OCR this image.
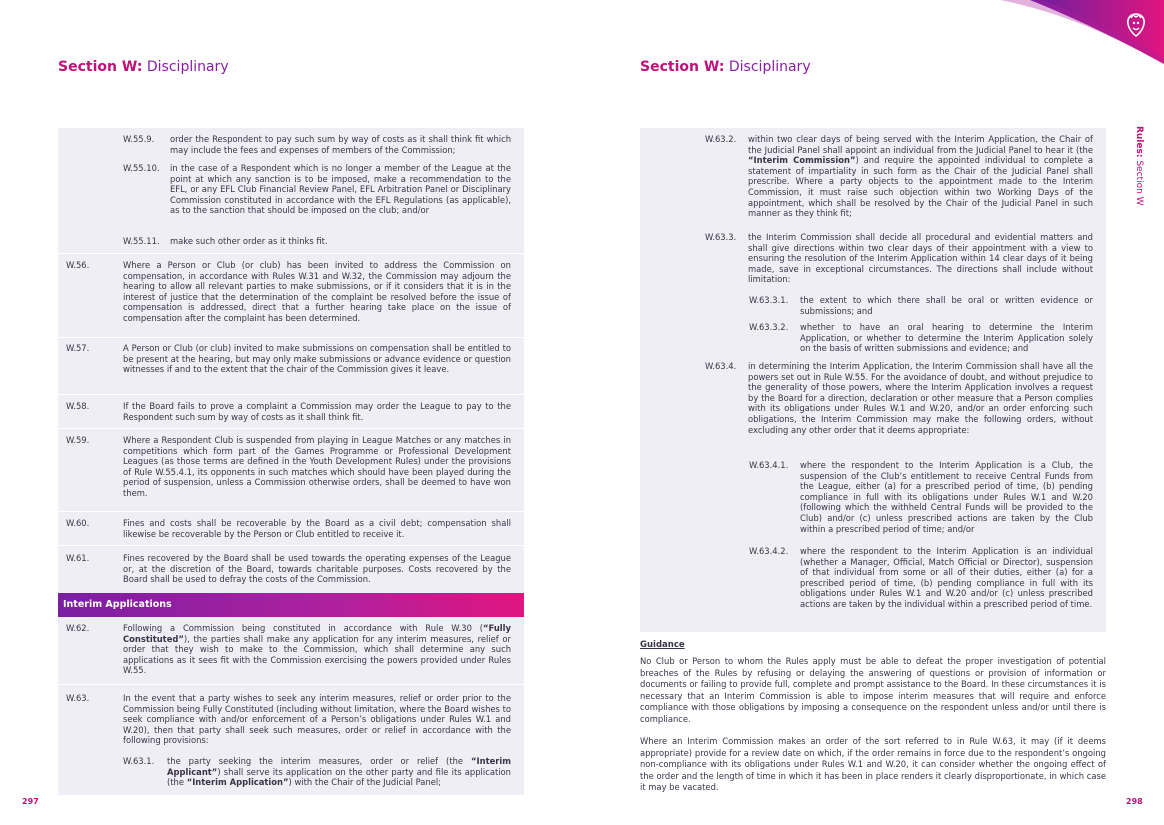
Section W: Disciplinary	Section W: Disciplinary
Rules: Section W
W.55.9. order the Respondent to pay such sum by way of costs as it shall think fit which may include the fees and expenses of members of the Commission;
W.55.10. in the case of a Respondent which is no longer a member of the League at the point at which any sanction is to be imposed, make a recommendation to the EFL, or any EFL Club Financial Review Panel, EFL Arbitration Panel or Disciplinary Commission constituted in accordance with the EFL Regulations (as applicable), as to the sanction that should be imposed on the club; and/or
W.55.11. make such other order as it thinks fit.
W.56.	Where a Person or Club (or club) has been invited to address the Commission on compensation, in accordance with Rules W.31 and W.32, the Commission may adjourn the hearing to allow all relevant parties to make submissions, or if it considers that it is in the interest of justice that the determination of the complaint be resolved before the issue of compensation is addressed, direct that a further hearing take place on the issue of compensation after the complaint has been determined.
W.57.	A Person or Club (or club) invited to make submissions on compensation shall be entitled to be present at the hearing, but may only make submissions or advance evidence or question witnesses if and to the extent that the chair of the Commission gives it leave.
W.58.	If the Board fails to prove a complaint a Commission may order the League to pay to the Respondent such sum by way of costs as it shall think fit.
W.59.	Where a Respondent Club is suspended from playing in League Matches or any matches in competitions which form part of the Games Programme or Professional Development Leagues (as those terms are defined in the Youth Development Rules) under the provisions of Rule W.55.4.1, its opponents in such matches which should have been played during the period of suspension, unless a Commission otherwise orders, shall be deemed to have won them.
W.60.	Fines and costs shall be recoverable by the Board as a civil debt; compensation shall likewise be recoverable by the Person or Club entitled to receive it.
W.61.	Fines recovered by the Board shall be used towards the operating expenses of the League or, at the discretion of the Board, towards charitable purposes. Costs recovered by the Board shall be used to defray the costs of the Commission.
Interim Applications
W.62.	Following a Commission being constituted in accordance with Rule W.30 (“Fully Constituted”), the parties shall make any application for any interim measures, relief or order that they wish to make to the Commission, which shall determine any such applications as it sees fit with the Commission exercising the powers provided under Rules W.55.
W.63.	In the event that a party wishes to seek any interim measures, relief or order prior to the Commission being Fully Constituted (including without limitation, where the Board wishes to seek compliance with and/or enforcement of a Person’s obligations under Rules W.1 and W.20), then that party shall seek such measures, order or relief in accordance with the following provisions:
W.63.1. the party seeking the interim measures, order or relief (the “Interim Applicant”) shall serve its application on the other party and file its application (the “Interim Application”) with the Chair of the Judicial Panel;
297
W.63.2. within two clear days of being served with the Interim Application, the Chair of the Judicial Panel shall appoint an individual from the Judicial Panel to hear it (the “Interim Commission”) and require the appointed individual to complete a statement of impartiality in such form as the Chair of the Judicial Panel shall prescribe. Where a party objects to the appointment made to the Interim Commission, it must raise such objection within two Working Days of the appointment, which shall be resolved by the Chair of the Judicial Panel in such manner as they think fit;
W.63.3. the Interim Commission shall decide all procedural and evidential matters and shall give directions within two clear days of their appointment with a view to ensuring the resolution of the Interim Application within 14 clear days of it being made, save in exceptional circumstances. The directions shall include without limitation:
W.63.3.1. the extent to which there shall be oral or written evidence or submissions; and
W.63.3.2. whether to have an oral hearing to determine the Interim Application, or whether to determine the Interim Application solely on the basis of written submissions and evidence; and
W.63.4. in determining the Interim Application, the Interim Commission shall have all the powers set out in Rule W.55. For the avoidance of doubt, and without prejudice to the generality of those powers, where the Interim Application involves a request by the Board for a direction, declaration or other measure that a Person complies with its obligations under Rules W.1 and W.20, and/or an order enforcing such obligations, the Interim Commission may make the following orders, without excluding any other order that it deems appropriate:
W.63.4.1. where the respondent to the Interim Application is a Club, the suspension of the Club’s entitlement to receive Central Funds from the League, either (a) for a prescribed period of time, (b) pending compliance in full with its obligations under Rules W.1 and W.20 (following which the withheld Central Funds will be provided to the Club) and/or (c) unless prescribed actions are taken by the Club within a prescribed period of time; and/or
W.63.4.2. where the respondent to the Interim Application is an individual (whether a Manager, Official, Match Official or Director), suspension of that individual from some or all of their duties, either (a) for a prescribed period of time, (b) pending compliance in full with its obligations under Rules W.1 and W.20 and/or (c) unless prescribed actions are taken by the individual within a prescribed period of time.
Guidance
No Club or Person to whom the Rules apply must be able to defeat the proper investigation of potential breaches of the Rules by refusing or delaying the answering of questions or provision of information or documents or failing to provide full, complete and prompt assistance to the Board. In these circumstances it is necessary that an Interim Commission is able to impose interim measures that will require and enforce compliance with those obligations by imposing a consequence on the respondent unless and/or until there is compliance.
Where an Interim Commission makes an order of the sort referred to in Rule W.63, it may (if it deems appropriate) provide for a review date on which, if the order remains in force due to the respondent’s ongoing non-compliance with its obligations under Rules W.1 and W.20, it can consider whether the ongoing effect of the order and the length of time in which it has been in place renders it clearly disproportionate, in which case it may be vacated.
298
